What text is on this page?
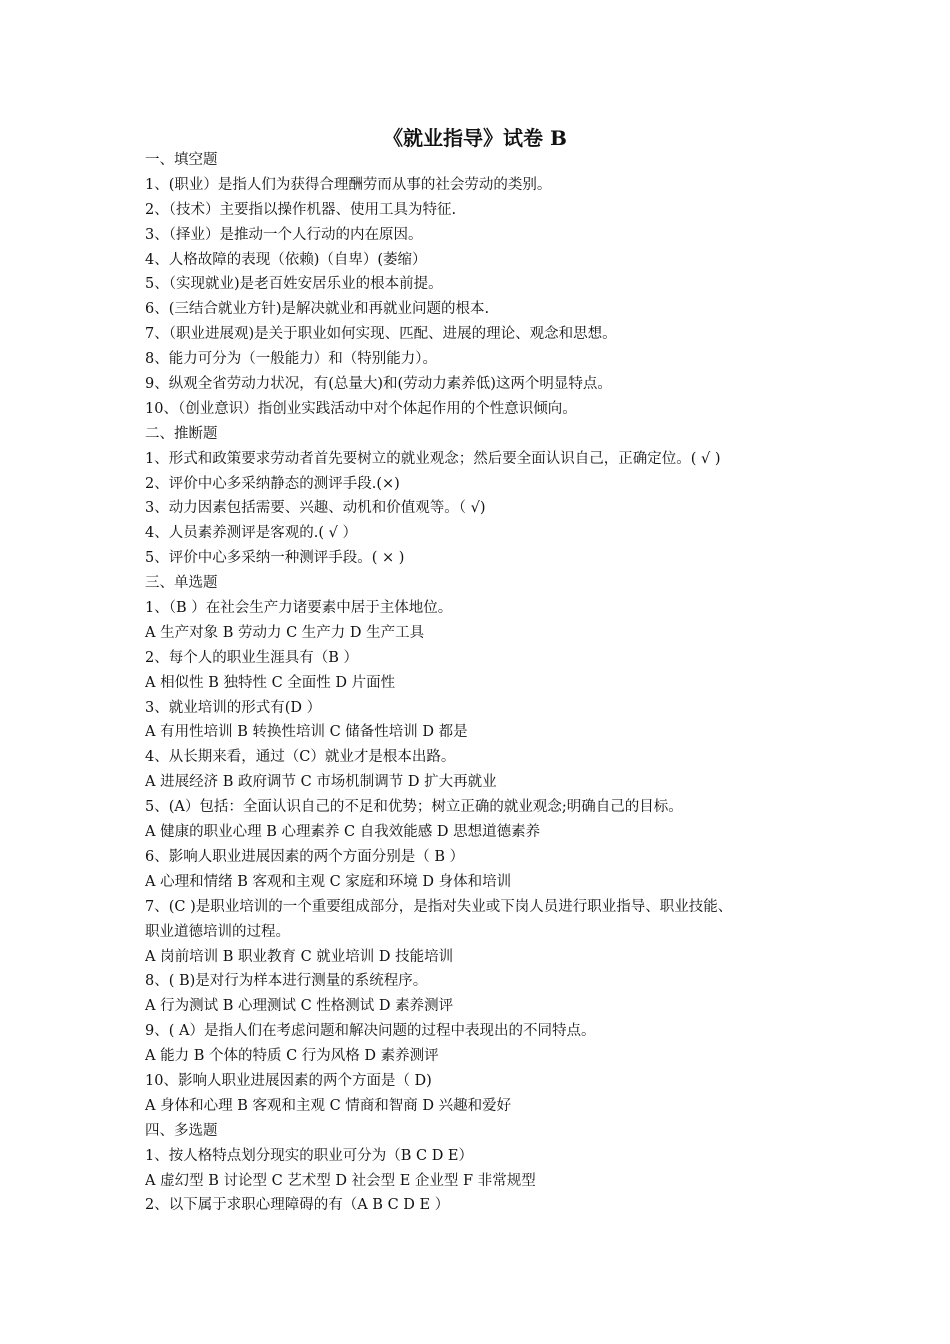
《就业指导》试卷 B
一、填空题
1、(职业）是指人们为获得合理酬劳而从事的社会劳动的类别。
2、（技术）主要指以操作机器、使用工具为特征.
3、（择业）是推动一个人行动的内在原因。
4、人格故障的表现（依赖)（自卑）(萎缩）
5、（实现就业)是老百姓安居乐业的根本前提。
6、(三结合就业方针)是解决就业和再就业问题的根本.
7、（职业进展观)是关于职业如何实现、匹配、进展的理论、观念和思想。
8、能力可分为（一般能力）和（特别能力）。
9、纵观全省劳动力状况，有(总量大)和(劳动力素养低)这两个明显特点。
10、（创业意识）指创业实践活动中对个体起作用的个性意识倾向。
二、推断题
1、形式和政策要求劳动者首先要树立的就业观念；然后要全面认识自己，正确定位。( √ )
2、评价中心多采纳静态的测评手段.(×)
3、动力因素包括需要、兴趣、动机和价值观等。（ √)
4、人员素养测评是客观的.( √ ）
5、评价中心多采纳一种测评手段。( × )
三、单选题
1、（B ）在社会生产力诸要素中居于主体地位。
A 生产对象 B 劳动力 C 生产力 D 生产工具
2、每个人的职业生涯具有（B ）
A 相似性 B 独特性 C 全面性 D 片面性
3、就业培训的形式有(D ）
A 有用性培训 B 转换性培训 C 储备性培训 D 都是
4、从长期来看，通过（C）就业才是根本出路。
A 进展经济 B 政府调节 C 市场机制调节 D 扩大再就业
5、(A）包括：全面认识自己的不足和优势；树立正确的就业观念;明确自己的目标。
A 健康的职业心理 B 心理素养 C 自我效能感 D 思想道德素养
6、影响人职业进展因素的两个方面分别是（ B ）
A 心理和情绪 B 客观和主观 C 家庭和环境 D 身体和培训
7、(C )是职业培训的一个重要组成部分，是指对失业或下岗人员进行职业指导、职业技能、
职业道德培训的过程。
A 岗前培训 B 职业教育 C 就业培训 D 技能培训
8、( B)是对行为样本进行测量的系统程序。
A 行为测试 B 心理测试 C 性格测试 D 素养测评
9、( A）是指人们在考虑问题和解决问题的过程中表现出的不同特点。
A 能力 B 个体的特质 C 行为风格 D 素养测评
10、影响人职业进展因素的两个方面是（ D)
A 身体和心理 B 客观和主观 C 情商和智商 D 兴趣和爱好
四、多选题
1、按人格特点划分现实的职业可分为（B C D E）
A 虚幻型 B 讨论型 C 艺术型 D 社会型 E 企业型 F 非常规型
2、以下属于求职心理障碍的有（A B C D E ）
